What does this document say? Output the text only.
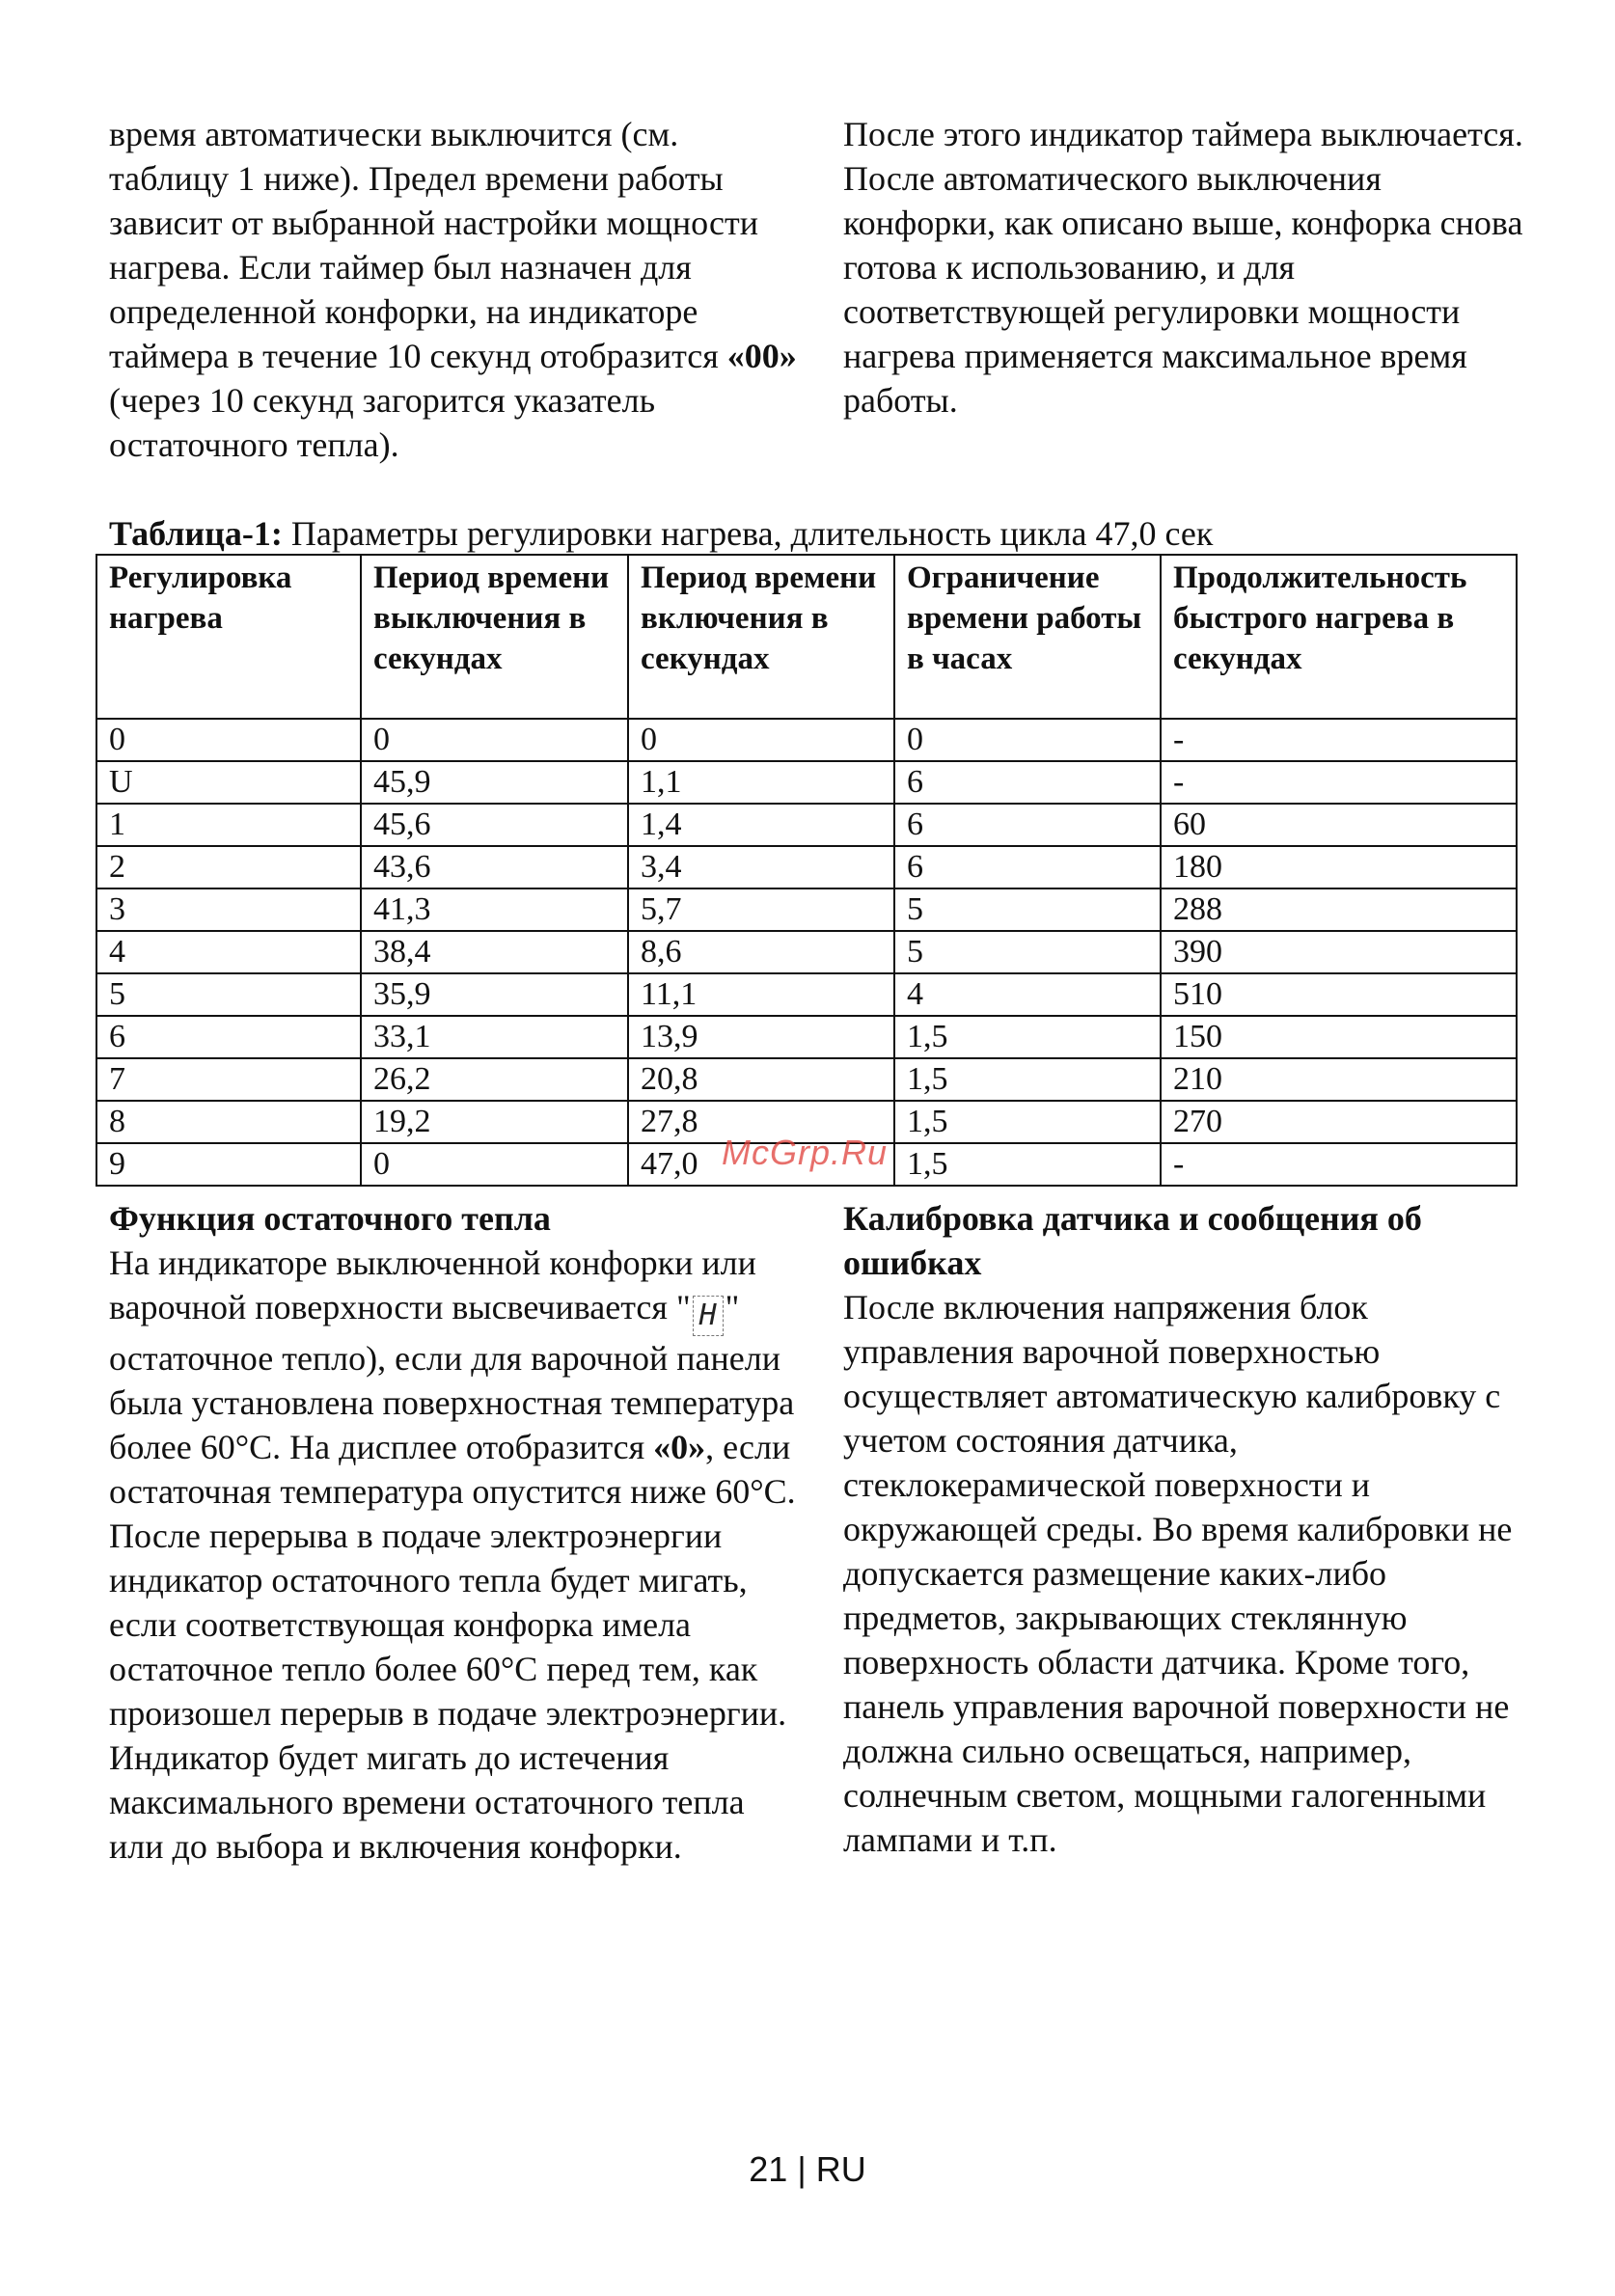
время автоматически выключится (см. таблицу 1 ниже). Предел времени работы зависит от выбранной настройки мощности нагрева. Если таймер был назначен для определенной конфорки, на индикаторе таймера в течение 10 секунд отобразится «00» (через 10 секунд загорится указатель остаточного тепла).

После этого индикатор таймера выключается.

После автоматического выключения конфорки, как описано выше, конфорка снова готова к использованию, и для соответствующей регулировки мощности нагрева применяется максимальное время работы.

Таблица-1: Параметры регулировки нагрева, длительность цикла 47,0 сек
Регулировка нагрева	Период времени выключения в секундах	Период времени включения в секундах	Ограничение времени работы в часах	Продолжительность быстрого нагрева в секундах
0	0	0	0	-
U	45,9	1,1	6	-
1	45,6	1,4	6	60
2	43,6	3,4	6	180
3	41,3	5,7	5	288
4	38,4	8,6	5	390
5	35,9	11,1	4	510
6	33,1	13,9	1,5	150
7	26,2	20,8	1,5	210
8	19,2	27,8	1,5	270
9	0	47,0	1,5	-
McGrp.Ru
Функция остаточного тепла

На индикаторе выключенной конфорки или варочной поверхности высвечивается " H " остаточное тепло), если для варочной панели была установлена поверхностная температура более 60°C. На дисплее отобразится «0», если остаточная температура опустится ниже 60°C.

После перерыва в подаче электроэнергии индикатор остаточного тепла будет мигать, если соответствующая конфорка имела остаточное тепло более 60°C перед тем, как произошел перерыв в подаче электроэнергии. Индикатор будет мигать до истечения максимального времени остаточного тепла или до выбора и включения конфорки.

Калибровка датчика и сообщения об ошибках

После включения напряжения блок управления варочной поверхностью осуществляет автоматическую калибровку с учетом состояния датчика, стеклокерамической поверхности и окружающей среды. Во время калибровки не допускается размещение каких-либо предметов, закрывающих стеклянную поверхность области датчика. Кроме того, панель управления варочной поверхности не должна сильно освещаться, например, солнечным светом, мощными галогенными лампами и т.п.

21 | RU
